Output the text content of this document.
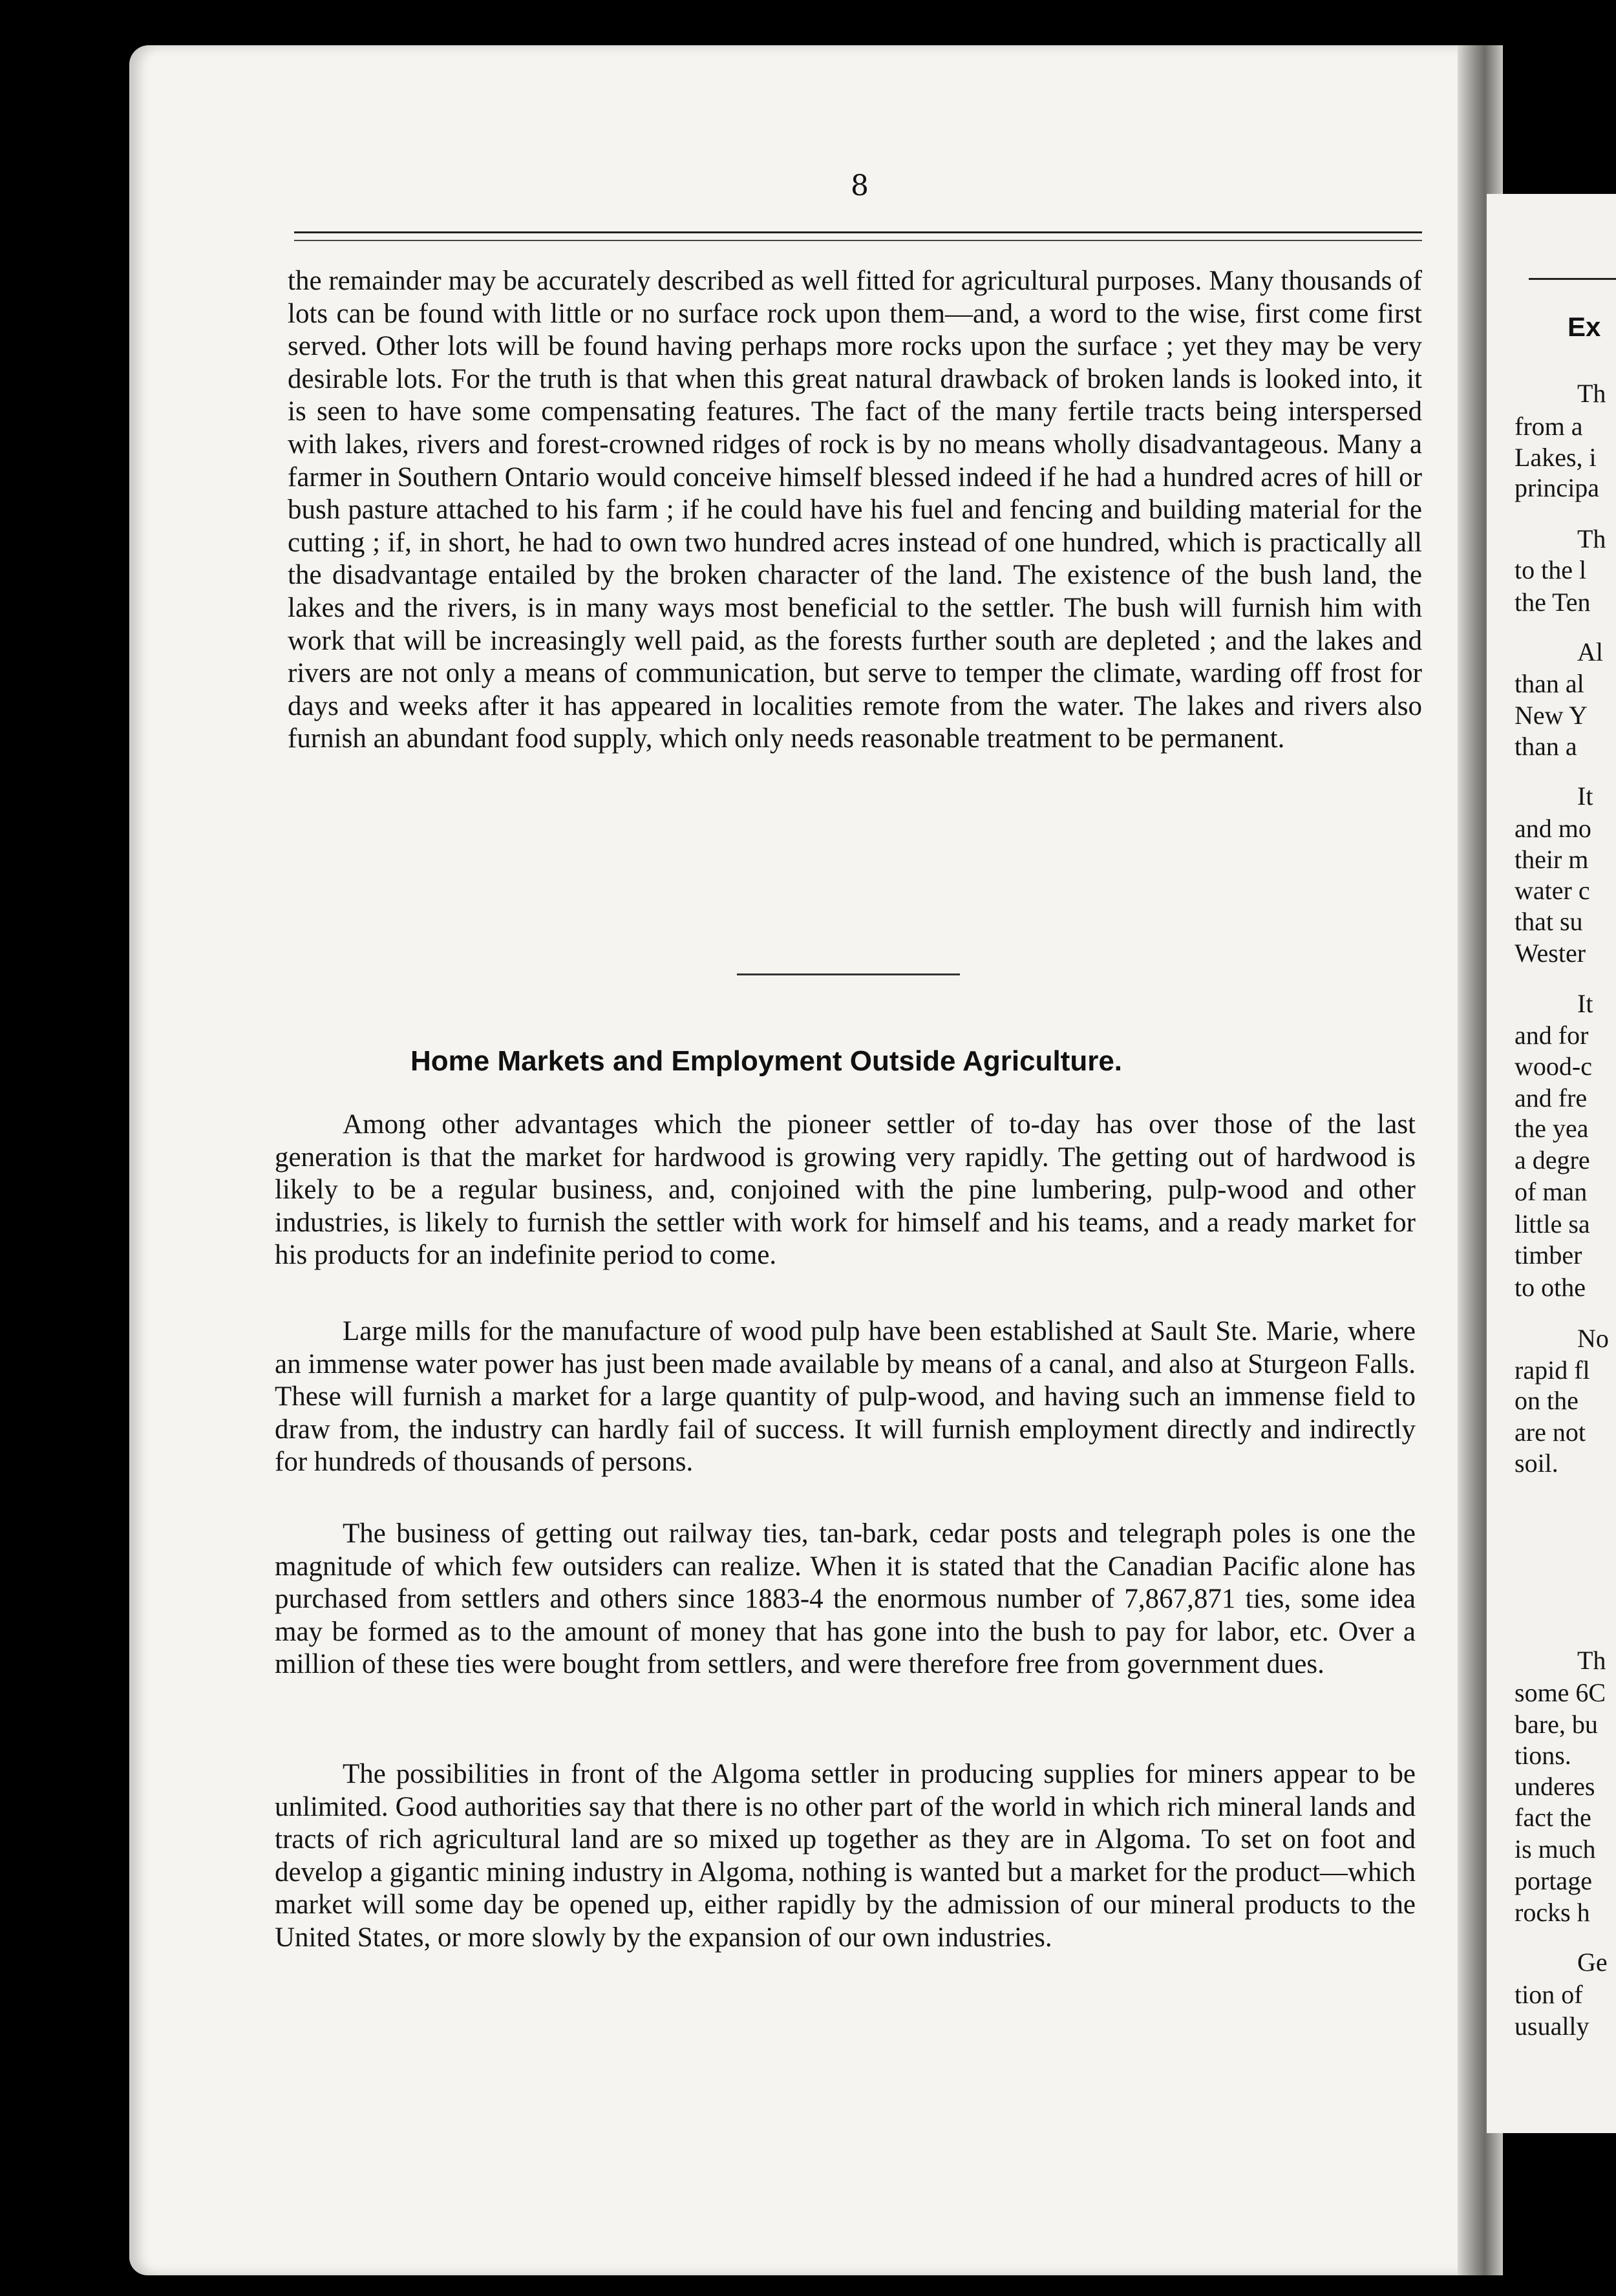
8

the remainder may be accurately described as well fitted for agricultural purposes. Many thousands of lots can be found with little or no surface rock upon them—and, a word to the wise, first come first served. Other lots will be found having perhaps more rocks upon the surface ; yet they may be very desirable lots. For the truth is that when this great natural drawback of broken lands is looked into, it is seen to have some compensating features. The fact of the many fertile tracts being interspersed with lakes, rivers and forest-crowned ridges of rock is by no means wholly disadvantageous. Many a farmer in Southern Ontario would conceive himself blessed indeed if he had a hundred acres of hill or bush pasture attached to his farm ; if he could have his fuel and fencing and building material for the cutting ; if, in short, he had to own two hundred acres instead of one hundred, which is practically all the disadvantage entailed by the broken character of the land. The existence of the bush land, the lakes and the rivers, is in many ways most beneficial to the settler. The bush will furnish him with work that will be increasingly well paid, as the forests further south are depleted ; and the lakes and rivers are not only a means of communication, but serve to temper the climate, warding off frost for days and weeks after it has appeared in localities remote from the water. The lakes and rivers also furnish an abundant food supply, which only needs reasonable treatment to be permanent.

Home Markets and Employment Outside Agriculture.

Among other advantages which the pioneer settler of to-day has over those of the last generation is that the market for hardwood is growing very rapidly. The getting out of hardwood is likely to be a regular business, and, conjoined with the pine lumbering, pulp-wood and other industries, is likely to furnish the settler with work for himself and his teams, and a ready market for his products for an indefinite period to come.

Large mills for the manufacture of wood pulp have been established at Sault Ste. Marie, where an immense water power has just been made available by means of a canal, and also at Sturgeon Falls. These will furnish a market for a large quantity of pulp-wood, and having such an immense field to draw from, the industry can hardly fail of success. It will furnish employment directly and indirectly for hundreds of thousands of persons.

The business of getting out railway ties, tan-bark, cedar posts and telegraph poles is one the magnitude of which few outsiders can realize. When it is stated that the Canadian Pacific alone has purchased from settlers and others since 1883-4 the enormous number of 7,867,871 ties, some idea may be formed as to the amount of money that has gone into the bush to pay for labor, etc. Over a million of these ties were bought from settlers, and were therefore free from government dues.

The possibilities in front of the Algoma settler in producing supplies for miners appear to be unlimited. Good authorities say that there is no other part of the world in which rich mineral lands and tracts of rich agricultural land are so mixed up together as they are in Algoma. To set on foot and develop a gigantic mining industry in Algoma, nothing is wanted but a market for the product—which market will some day be opened up, either rapidly by the admission of our mineral products to the United States, or more slowly by the expansion of our own industries.

Ex
Th
from a
Lakes, i
principa
Th
to the l
the Ten
Al
than al
New Y
than a
It
and mo
their m
water c
that su
Wester
It
and for
wood-c
and fre
the yea
a degre
of man
little sa
timber
to othe
No
rapid fl
on the
are not
soil.
Th
some 6C
bare, bu
tions.
underes
fact the
is much
portage
rocks h
Ge
tion of
usually
